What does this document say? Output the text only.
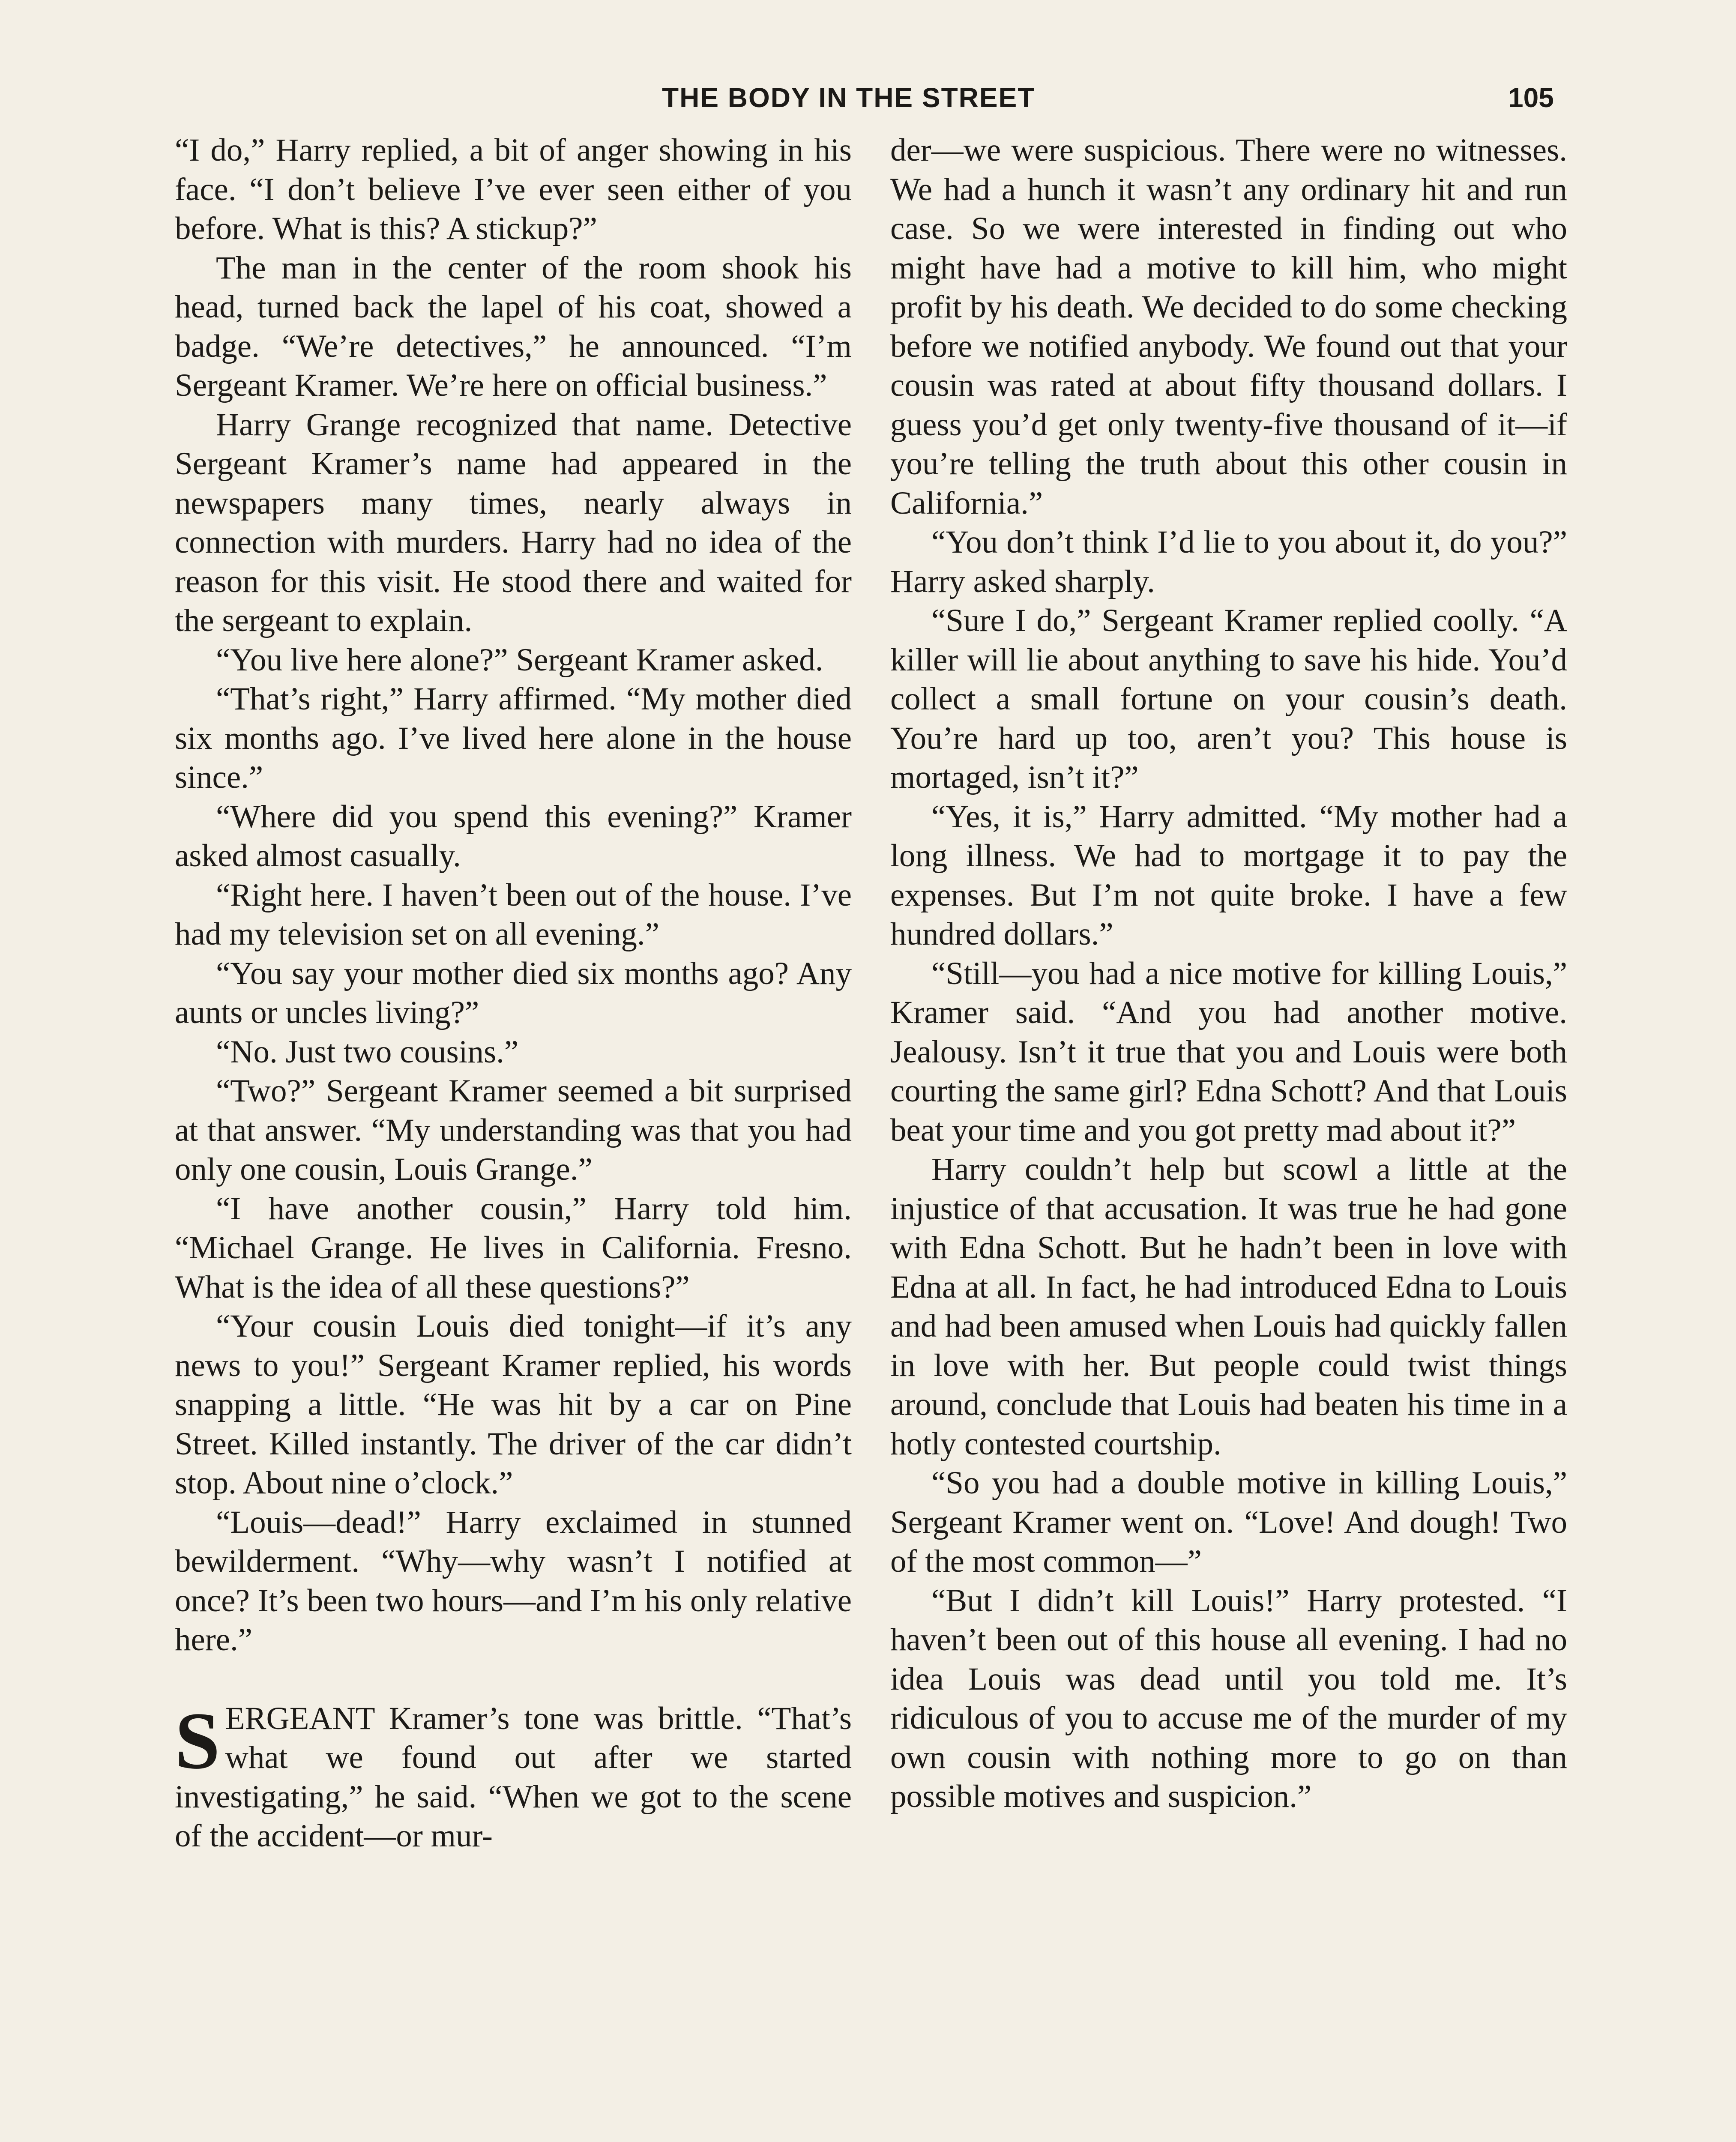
THE BODY IN THE STREET	105

“I do,” Harry replied, a bit of anger showing in his face. “I don’t believe I’ve ever seen either of you before. What is this? A stickup?”

The man in the center of the room shook his head, turned back the lapel of his coat, showed a badge. “We’re detectives,” he announced. “I’m Sergeant Kramer. We’re here on official business.”

Harry Grange recognized that name. Detective Sergeant Kramer’s name had appeared in the newspapers many times, nearly always in connection with murders. Harry had no idea of the reason for this visit. He stood there and waited for the sergeant to explain.

“You live here alone?” Sergeant Kramer asked.

“That’s right,” Harry affirmed. “My mother died six months ago. I’ve lived here alone in the house since.”

“Where did you spend this evening?” Kramer asked almost casually.

“Right here. I haven’t been out of the house. I’ve had my television set on all evening.”

“You say your mother died six months ago? Any aunts or uncles living?”

“No. Just two cousins.”

“Two?” Sergeant Kramer seemed a bit surprised at that answer. “My understanding was that you had only one cousin, Louis Grange.”

“I have another cousin,” Harry told him. “Michael Grange. He lives in California. Fresno. What is the idea of all these questions?”

“Your cousin Louis died tonight—if it’s any news to you!” Sergeant Kramer replied, his words snapping a little. “He was hit by a car on Pine Street. Killed instantly. The driver of the car didn’t stop. About nine o’clock.”

“Louis—dead!” Harry exclaimed in stunned bewilderment. “Why—why wasn’t I notified at once? It’s been two hours—and I’m his only relative here.”

SERGEANT Kramer’s tone was brittle. “That’s what we found out after we started investigating,” he said. “When we got to the scene of the accident—or mur-

der—we were suspicious. There were no witnesses. We had a hunch it wasn’t any ordinary hit and run case. So we were interested in finding out who might have had a motive to kill him, who might profit by his death. We decided to do some checking before we notified anybody. We found out that your cousin was rated at about fifty thousand dollars. I guess you’d get only twenty-five thousand of it—if you’re telling the truth about this other cousin in California.”

“You don’t think I’d lie to you about it, do you?” Harry asked sharply.

“Sure I do,” Sergeant Kramer replied coolly. “A killer will lie about anything to save his hide. You’d collect a small fortune on your cousin’s death. You’re hard up too, aren’t you? This house is mortaged, isn’t it?”

“Yes, it is,” Harry admitted. “My mother had a long illness. We had to mortgage it to pay the expenses. But I’m not quite broke. I have a few hundred dollars.”

“Still—you had a nice motive for killing Louis,” Kramer said. “And you had another motive. Jealousy. Isn’t it true that you and Louis were both courting the same girl? Edna Schott? And that Louis beat your time and you got pretty mad about it?”

Harry couldn’t help but scowl a little at the injustice of that accusation. It was true he had gone with Edna Schott. But he hadn’t been in love with Edna at all. In fact, he had introduced Edna to Louis and had been amused when Louis had quickly fallen in love with her. But people could twist things around, conclude that Louis had beaten his time in a hotly contested courtship.

“So you had a double motive in killing Louis,” Sergeant Kramer went on. “Love! And dough! Two of the most common—”

“But I didn’t kill Louis!” Harry protested. “I haven’t been out of this house all evening. I had no idea Louis was dead until you told me. It’s ridiculous of you to accuse me of the murder of my own cousin with nothing more to go on than possible motives and suspicion.”
